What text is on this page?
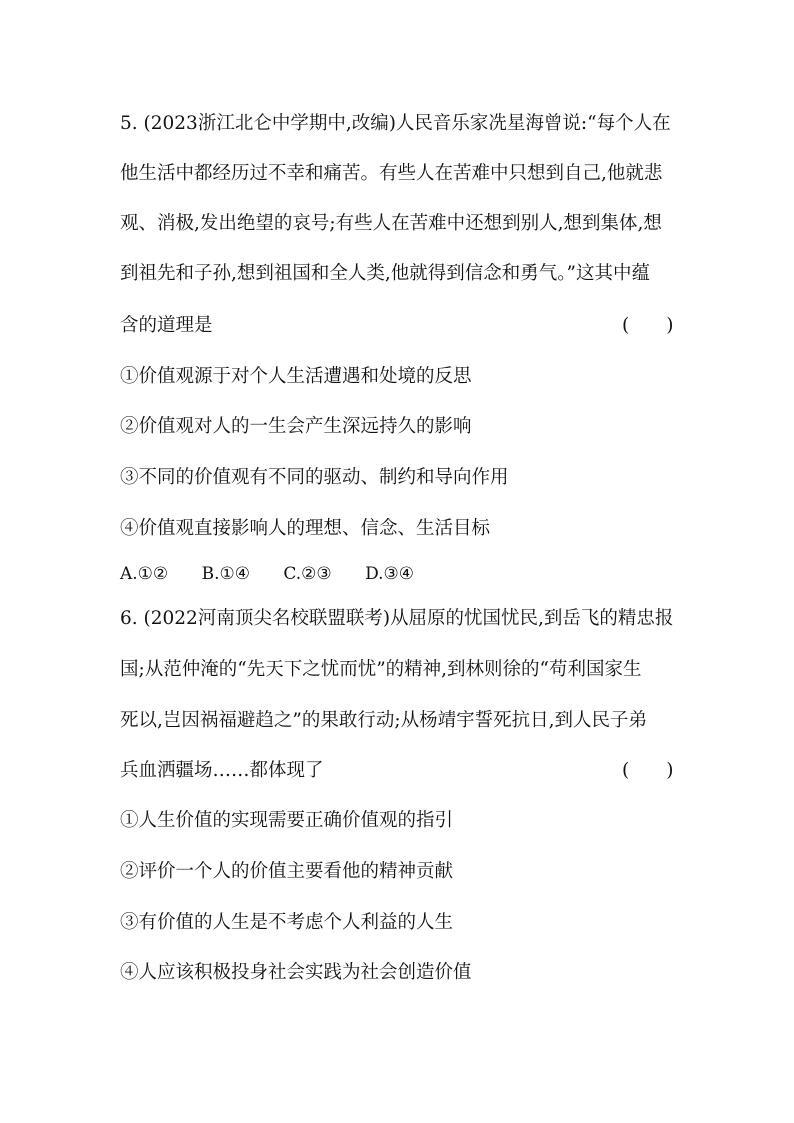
5. (2023浙江北仑中学期中,改编)人民音乐家冼星海曾说:“每个人在
他生活中都经历过不幸和痛苦。有些人在苦难中只想到自己,他就悲
观、消极,发出绝望的哀号;有些人在苦难中还想到别人,想到集体,想
到祖先和子孙,想到祖国和全人类,他就得到信念和勇气。”这其中蕴
含的道理是	(　　)
①价值观源于对个人生活遭遇和处境的反思
②价值观对人的一生会产生深远持久的影响
③不同的价值观有不同的驱动、制约和导向作用
④价值观直接影响人的理想、信念、生活目标
A.①② B.①④ C.②③ D.③④
6. (2022河南顶尖名校联盟联考)从屈原的忧国忧民,到岳飞的精忠报
国;从范仲淹的“先天下之忧而忧”的精神,到林则徐的“苟利国家生
死以,岂因祸福避趋之”的果敢行动;从杨靖宇誓死抗日,到人民子弟
兵血洒疆场……都体现了	(　　)
①人生价值的实现需要正确价值观的指引
②评价一个人的价值主要看他的精神贡献
③有价值的人生是不考虑个人利益的人生
④人应该积极投身社会实践为社会创造价值
